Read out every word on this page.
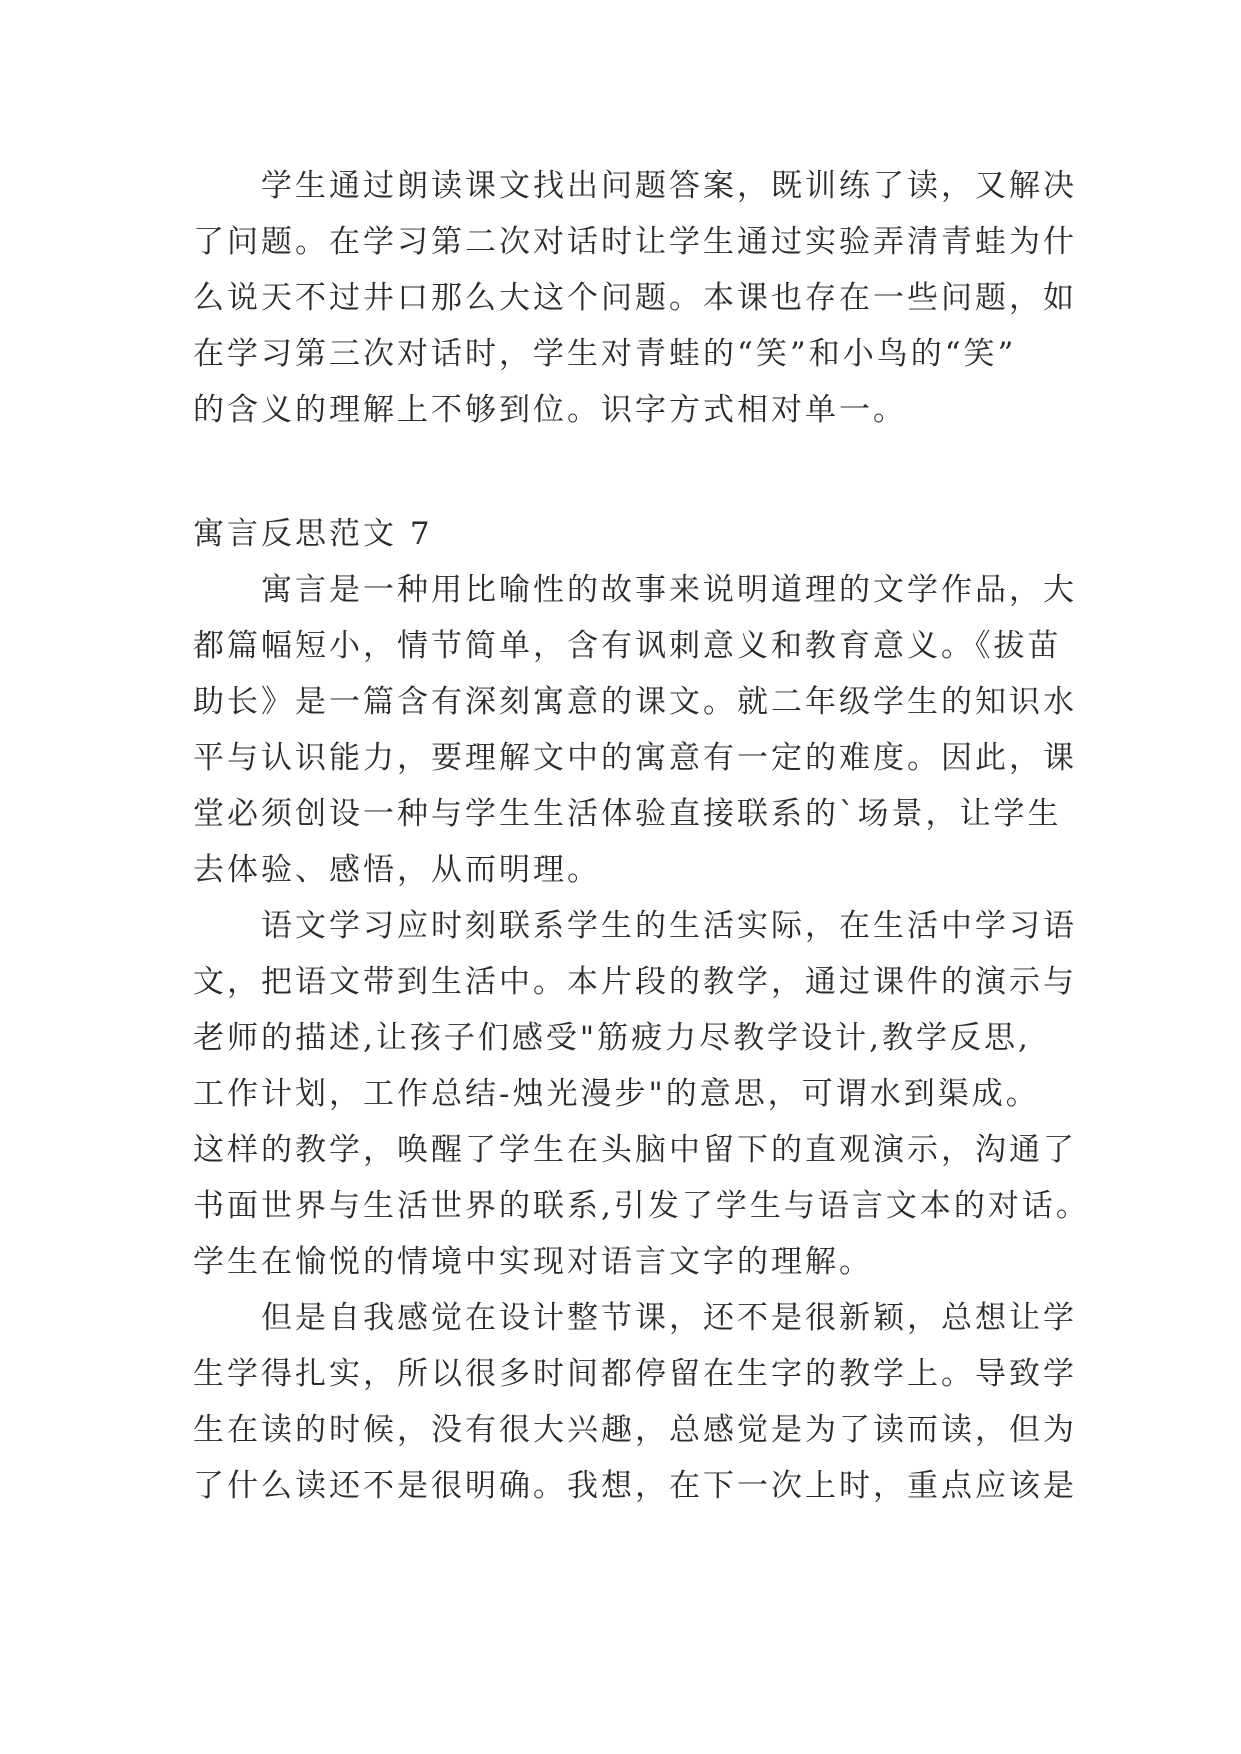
　　学生通过朗读课文找出问题答案，既训练了读，又解决
了问题。在学习第二次对话时让学生通过实验弄清青蛙为什
么说天不过井口那么大这个问题。本课也存在一些问题，如
在学习第三次对话时，学生对青蛙的“笑”和小鸟的“笑”
的含义的理解上不够到位。识字方式相对单一。
寓言反思范文 7
　　寓言是一种用比喻性的故事来说明道理的文学作品，大
都篇幅短小，情节简单，含有讽刺意义和教育意义。《拔苗
助长》是一篇含有深刻寓意的课文。就二年级学生的知识水
平与认识能力，要理解文中的寓意有一定的难度。因此，课
堂必须创设一种与学生生活体验直接联系的`场景，让学生
去体验、感悟，从而明理。
　　语文学习应时刻联系学生的生活实际，在生活中学习语
文，把语文带到生活中。本片段的教学，通过课件的演示与
老师的描述,让孩子们感受"筋疲力尽教学设计,教学反思,
工作计划，工作总结-烛光漫步"的意思，可谓水到渠成。
这样的教学，唤醒了学生在头脑中留下的直观演示，沟通了
书面世界与生活世界的联系,引发了学生与语言文本的对话。
学生在愉悦的情境中实现对语言文字的理解。
　　但是自我感觉在设计整节课，还不是很新颖，总想让学
生学得扎实，所以很多时间都停留在生字的教学上。导致学
生在读的时候，没有很大兴趣，总感觉是为了读而读，但为
了什么读还不是很明确。我想，在下一次上时，重点应该是
